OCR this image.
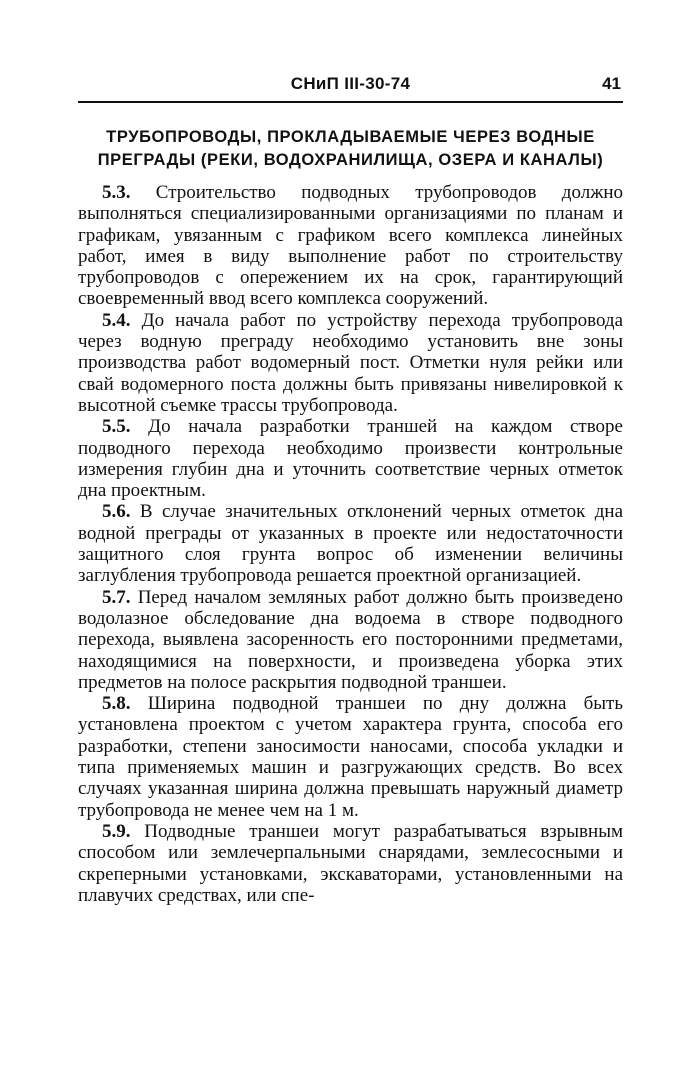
СНиП III-30-74	41
ТРУБОПРОВОДЫ, ПРОКЛАДЫВАЕМЫЕ ЧЕРЕЗ ВОДНЫЕ
ПРЕГРАДЫ (РЕКИ, ВОДОХРАНИЛИЩА, ОЗЕРА И КАНАЛЫ)

5.3. Строительство подводных трубопроводов должно выполняться специализированными организациями по планам и графикам, увязанным с графиком всего комплекса линейных работ, имея в виду выполнение работ по строительству трубопроводов с опережением их на срок, гарантирующий своевременный ввод всего комплекса сооружений.

5.4. До начала работ по устройству перехода трубопровода через водную преграду необходимо установить вне зоны производства работ водомерный пост. Отметки нуля рейки или свай водомерного поста должны быть привязаны нивелировкой к высотной съемке трассы трубопровода.

5.5. До начала разработки траншей на каждом створе подводного перехода необходимо произвести контрольные измерения глубин дна и уточнить соответствие черных отметок дна проектным.

5.6. В случае значительных отклонений черных отметок дна водной преграды от указанных в проекте или недостаточности защитного слоя грунта вопрос об изменении величины заглубления трубопровода решается проектной организацией.

5.7. Перед началом земляных работ должно быть произведено водолазное обследование дна водоема в створе подводного перехода, выявлена засоренность его посторонними предметами, находящимися на поверхности, и произведена уборка этих предметов на полосе раскрытия подводной траншеи.

5.8. Ширина подводной траншеи по дну должна быть установлена проектом с учетом характера грунта, способа его разработки, степени заносимости наносами, способа укладки и типа применяемых машин и разгружающих средств. Во всех случаях указанная ширина должна превышать наружный диаметр трубопровода не менее чем на 1 м.

5.9. Подводные траншеи могут разрабатываться взрывным способом или землечерпальными снарядами, землесосными и скреперными установками, экскаваторами, установленными на плавучих средствах, или спе-
